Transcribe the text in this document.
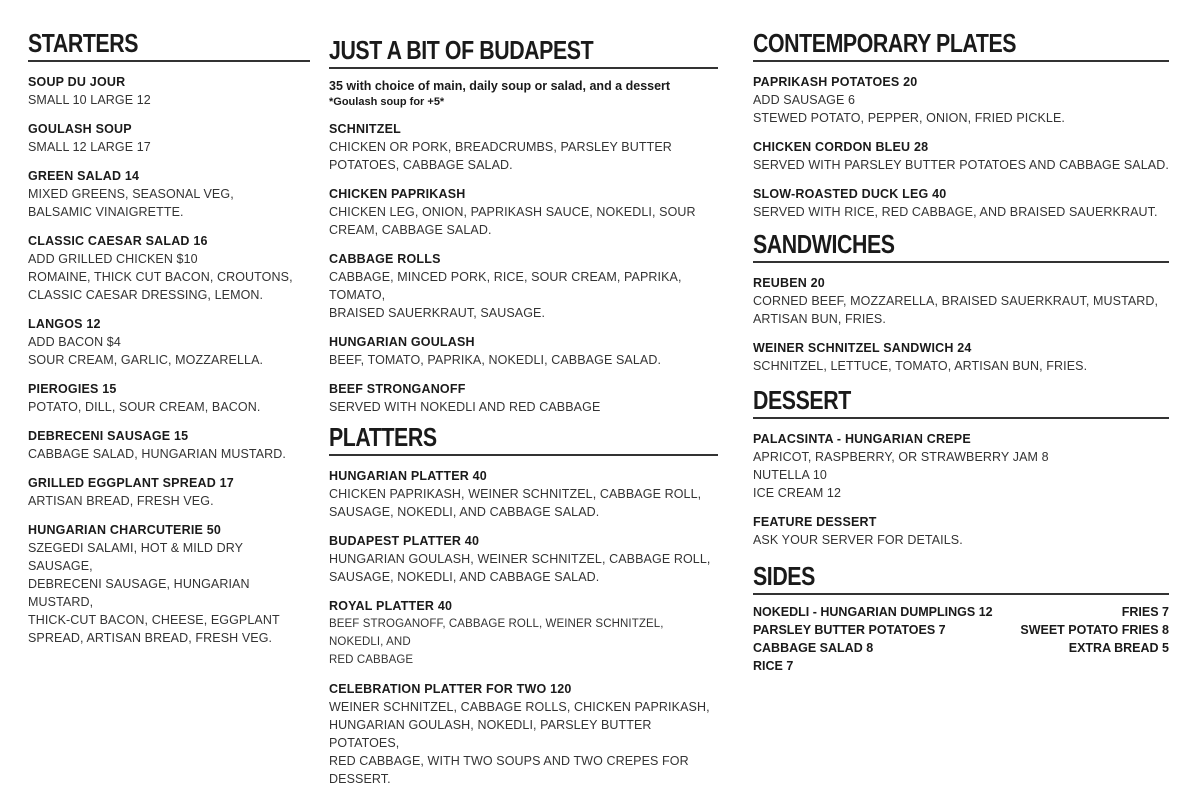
STARTERS
SOUP DU JOUR
SMALL 10 LARGE 12
GOULASH SOUP
SMALL 12 LARGE 17
GREEN SALAD 14
MIXED GREENS, SEASONAL VEG,
BALSAMIC VINAIGRETTE.
CLASSIC CAESAR SALAD 16
ADD GRILLED CHICKEN $10
ROMAINE, THICK CUT BACON, CROUTONS,
CLASSIC CAESAR DRESSING, LEMON.
LANGOS 12
ADD BACON $4
SOUR CREAM, GARLIC, MOZZARELLA.
PIEROGIES 15
POTATO, DILL, SOUR CREAM, BACON.
DEBRECENI SAUSAGE 15
CABBAGE SALAD, HUNGARIAN MUSTARD.
GRILLED EGGPLANT SPREAD 17
ARTISAN BREAD, FRESH VEG.
HUNGARIAN CHARCUTERIE 50
SZEGEDI SALAMI, HOT & MILD DRY SAUSAGE,
DEBRECENI SAUSAGE, HUNGARIAN MUSTARD,
THICK-CUT BACON, CHEESE, EGGPLANT
SPREAD, ARTISAN BREAD, FRESH VEG.
JUST A BIT OF BUDAPEST
35 with choice of main, daily soup or salad, and a dessert
*Goulash soup for +5*
SCHNITZEL
CHICKEN OR PORK, BREADCRUMBS, PARSLEY BUTTER
POTATOES, CABBAGE SALAD.
CHICKEN PAPRIKASH
CHICKEN LEG, ONION, PAPRIKASH SAUCE, NOKEDLI, SOUR
CREAM, CABBAGE SALAD.
CABBAGE ROLLS
CABBAGE, MINCED PORK, RICE, SOUR CREAM, PAPRIKA, TOMATO,
BRAISED SAUERKRAUT, SAUSAGE.
HUNGARIAN GOULASH
BEEF, TOMATO, PAPRIKA, NOKEDLI, CABBAGE SALAD.
BEEF STRONGANOFF
SERVED WITH NOKEDLI AND RED CABBAGE
PLATTERS
HUNGARIAN PLATTER 40
CHICKEN PAPRIKASH, WEINER SCHNITZEL, CABBAGE ROLL,
SAUSAGE, NOKEDLI, AND CABBAGE SALAD.
BUDAPEST PLATTER 40
HUNGARIAN GOULASH, WEINER SCHNITZEL, CABBAGE ROLL,
SAUSAGE, NOKEDLI, AND CABBAGE SALAD.
ROYAL PLATTER 40
BEEF STROGANOFF, CABBAGE ROLL, WEINER SCHNITZEL, NOKEDLI, AND
RED CABBAGE
CELEBRATION PLATTER FOR TWO 120
WEINER SCHNITZEL, CABBAGE ROLLS, CHICKEN PAPRIKASH,
HUNGARIAN GOULASH, NOKEDLI, PARSLEY BUTTER POTATOES,
RED CABBAGE, WITH TWO SOUPS AND TWO CREPES FOR
DESSERT.
CONTEMPORARY PLATES
PAPRIKASH POTATOES 20
ADD SAUSAGE 6
STEWED POTATO, PEPPER, ONION, FRIED PICKLE.
CHICKEN CORDON BLEU 28
SERVED WITH PARSLEY BUTTER POTATOES AND CABBAGE SALAD.
SLOW-ROASTED DUCK LEG 40
SERVED WITH RICE, RED CABBAGE, AND BRAISED SAUERKRAUT.
SANDWICHES
REUBEN 20
CORNED BEEF, MOZZARELLA, BRAISED SAUERKRAUT, MUSTARD,
ARTISAN BUN, FRIES.
WEINER SCHNITZEL SANDWICH 24
SCHNITZEL, LETTUCE, TOMATO, ARTISAN BUN, FRIES.
DESSERT
PALACSINTA - HUNGARIAN CREPE
APRICOT, RASPBERRY, OR STRAWBERRY JAM 8
NUTELLA 10
ICE CREAM 12
FEATURE DESSERT
ASK YOUR SERVER FOR DETAILS.
SIDES
NOKEDLI - HUNGARIAN DUMPLINGS 12	FRIES 7
PARSLEY BUTTER POTATOES 7	SWEET POTATO FRIES 8
CABBAGE SALAD 8	EXTRA BREAD 5
RICE 7
